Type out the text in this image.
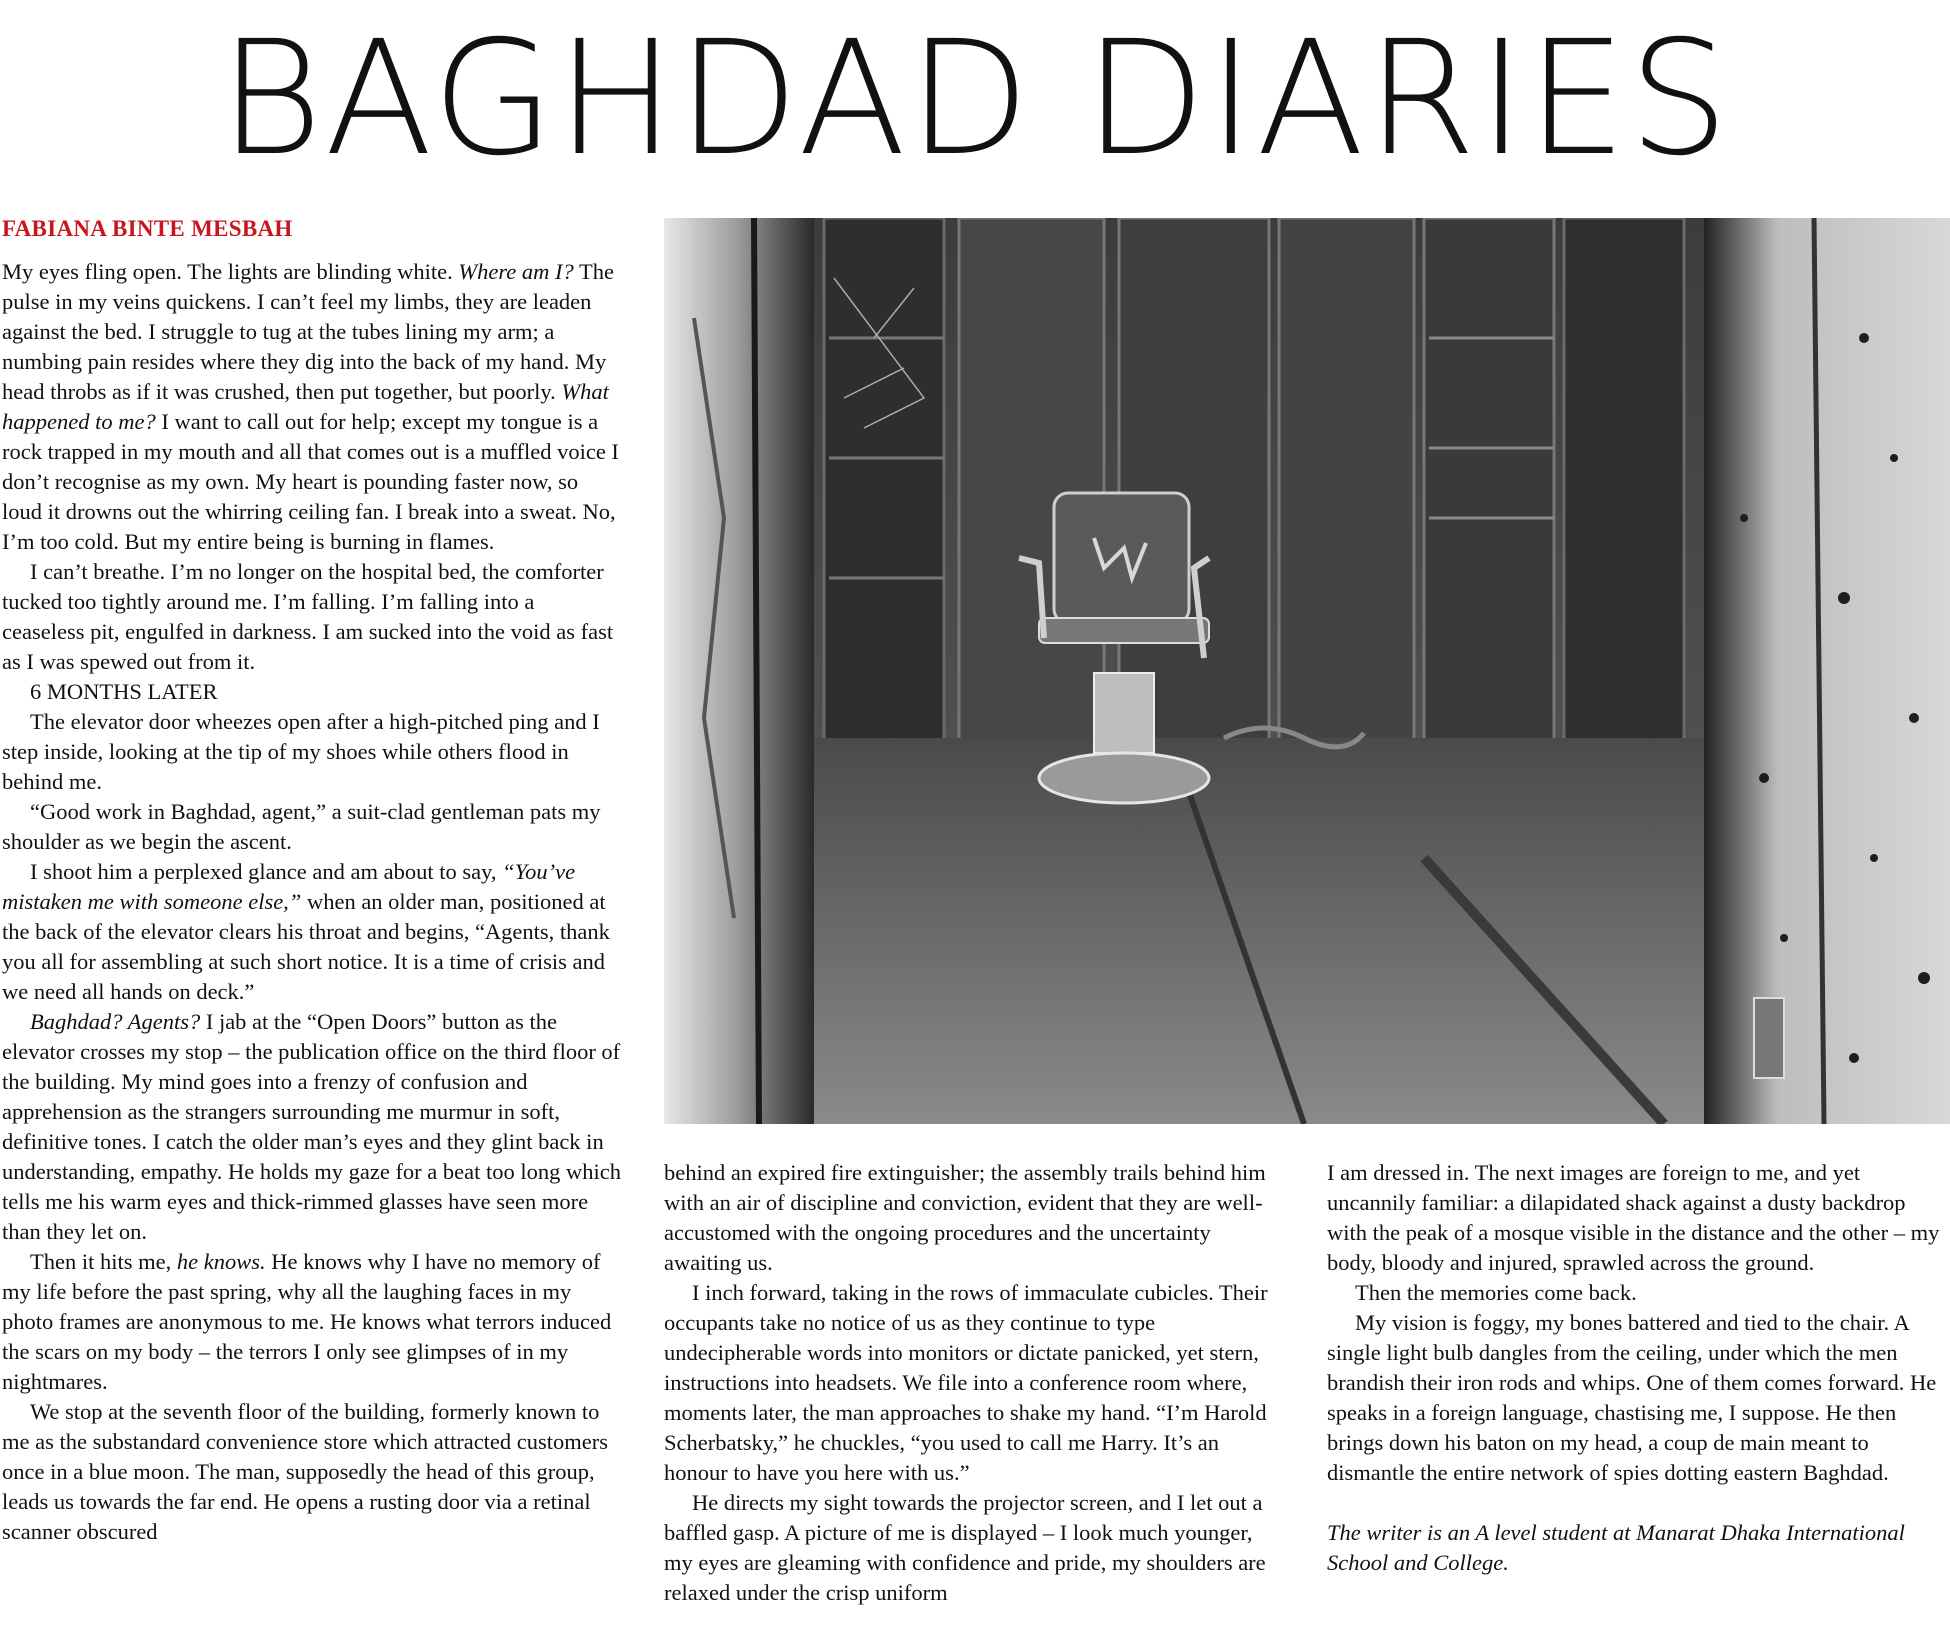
BAGHDAD DIARIES
FABIANA BINTE MESBAH

My eyes fling open. The lights are blinding white. Where am I? The pulse in my veins quickens. I can’t feel my limbs, they are leaden against the bed. I struggle to tug at the tubes lining my arm; a numbing pain resides where they dig into the back of my hand. My head throbs as if it was crushed, then put together, but poorly. What happened to me? I want to call out for help; except my tongue is a rock trapped in my mouth and all that comes out is a muffled voice I don’t recognise as my own. My heart is pounding faster now, so loud it drowns out the whirring ceiling fan. I break into a sweat. No, I’m too cold. But my entire being is burning in flames.

I can’t breathe. I’m no longer on the hospital bed, the comforter tucked too tightly around me. I’m falling. I’m falling into a ceaseless pit, engulfed in darkness. I am sucked into the void as fast as I was spewed out from it.

6 MONTHS LATER

The elevator door wheezes open after a high-pitched ping and I step inside, looking at the tip of my shoes while others flood in behind me.

“Good work in Baghdad, agent,” a suit-clad gentleman pats my shoulder as we begin the ascent.

I shoot him a perplexed glance and am about to say, “You’ve mistaken me with someone else,” when an older man, positioned at the back of the elevator clears his throat and begins, “Agents, thank you all for assembling at such short notice. It is a time of crisis and we need all hands on deck.”

Baghdad? Agents? I jab at the “Open Doors” button as the elevator crosses my stop – the publication office on the third floor of the building. My mind goes into a frenzy of confusion and apprehension as the strangers surrounding me murmur in soft, definitive tones. I catch the older man’s eyes and they glint back in understanding, empathy. He holds my gaze for a beat too long which tells me his warm eyes and thick-rimmed glasses have seen more than they let on.

Then it hits me, he knows. He knows why I have no memory of my life before the past spring, why all the laughing faces in my photo frames are anonymous to me. He knows what terrors induced the scars on my body – the terrors I only see glimpses of in my nightmares.

We stop at the seventh floor of the building, formerly known to me as the substandard convenience store which attracted customers once in a blue moon. The man, supposedly the head of this group, leads us towards the far end. He opens a rusting door via a retinal scanner obscured

behind an expired fire extinguisher; the assembly trails behind him with an air of discipline and conviction, evident that they are well-accustomed with the ongoing procedures and the uncertainty awaiting us.

I inch forward, taking in the rows of immaculate cubicles. Their occupants take no notice of us as they continue to type undecipherable words into monitors or dictate panicked, yet stern, instructions into headsets. We file into a conference room where, moments later, the man approaches to shake my hand. “I’m Harold Scherbatsky,” he chuckles, “you used to call me Harry. It’s an honour to have you here with us.”

He directs my sight towards the projector screen, and I let out a baffled gasp. A picture of me is displayed – I look much younger, my eyes are gleaming with confidence and pride, my shoulders are relaxed under the crisp uniform

I am dressed in. The next images are foreign to me, and yet uncannily familiar: a dilapidated shack against a dusty backdrop with the peak of a mosque visible in the distance and the other – my body, bloody and injured, sprawled across the ground.

Then the memories come back.

My vision is foggy, my bones battered and tied to the chair. A single light bulb dangles from the ceiling, under which the men brandish their iron rods and whips. One of them comes forward. He speaks in a foreign language, chastising me, I suppose. He then brings down his baton on my head, a coup de main meant to dismantle the entire network of spies dotting eastern Baghdad.

The writer is an A level student at Manarat Dhaka International School and College.
